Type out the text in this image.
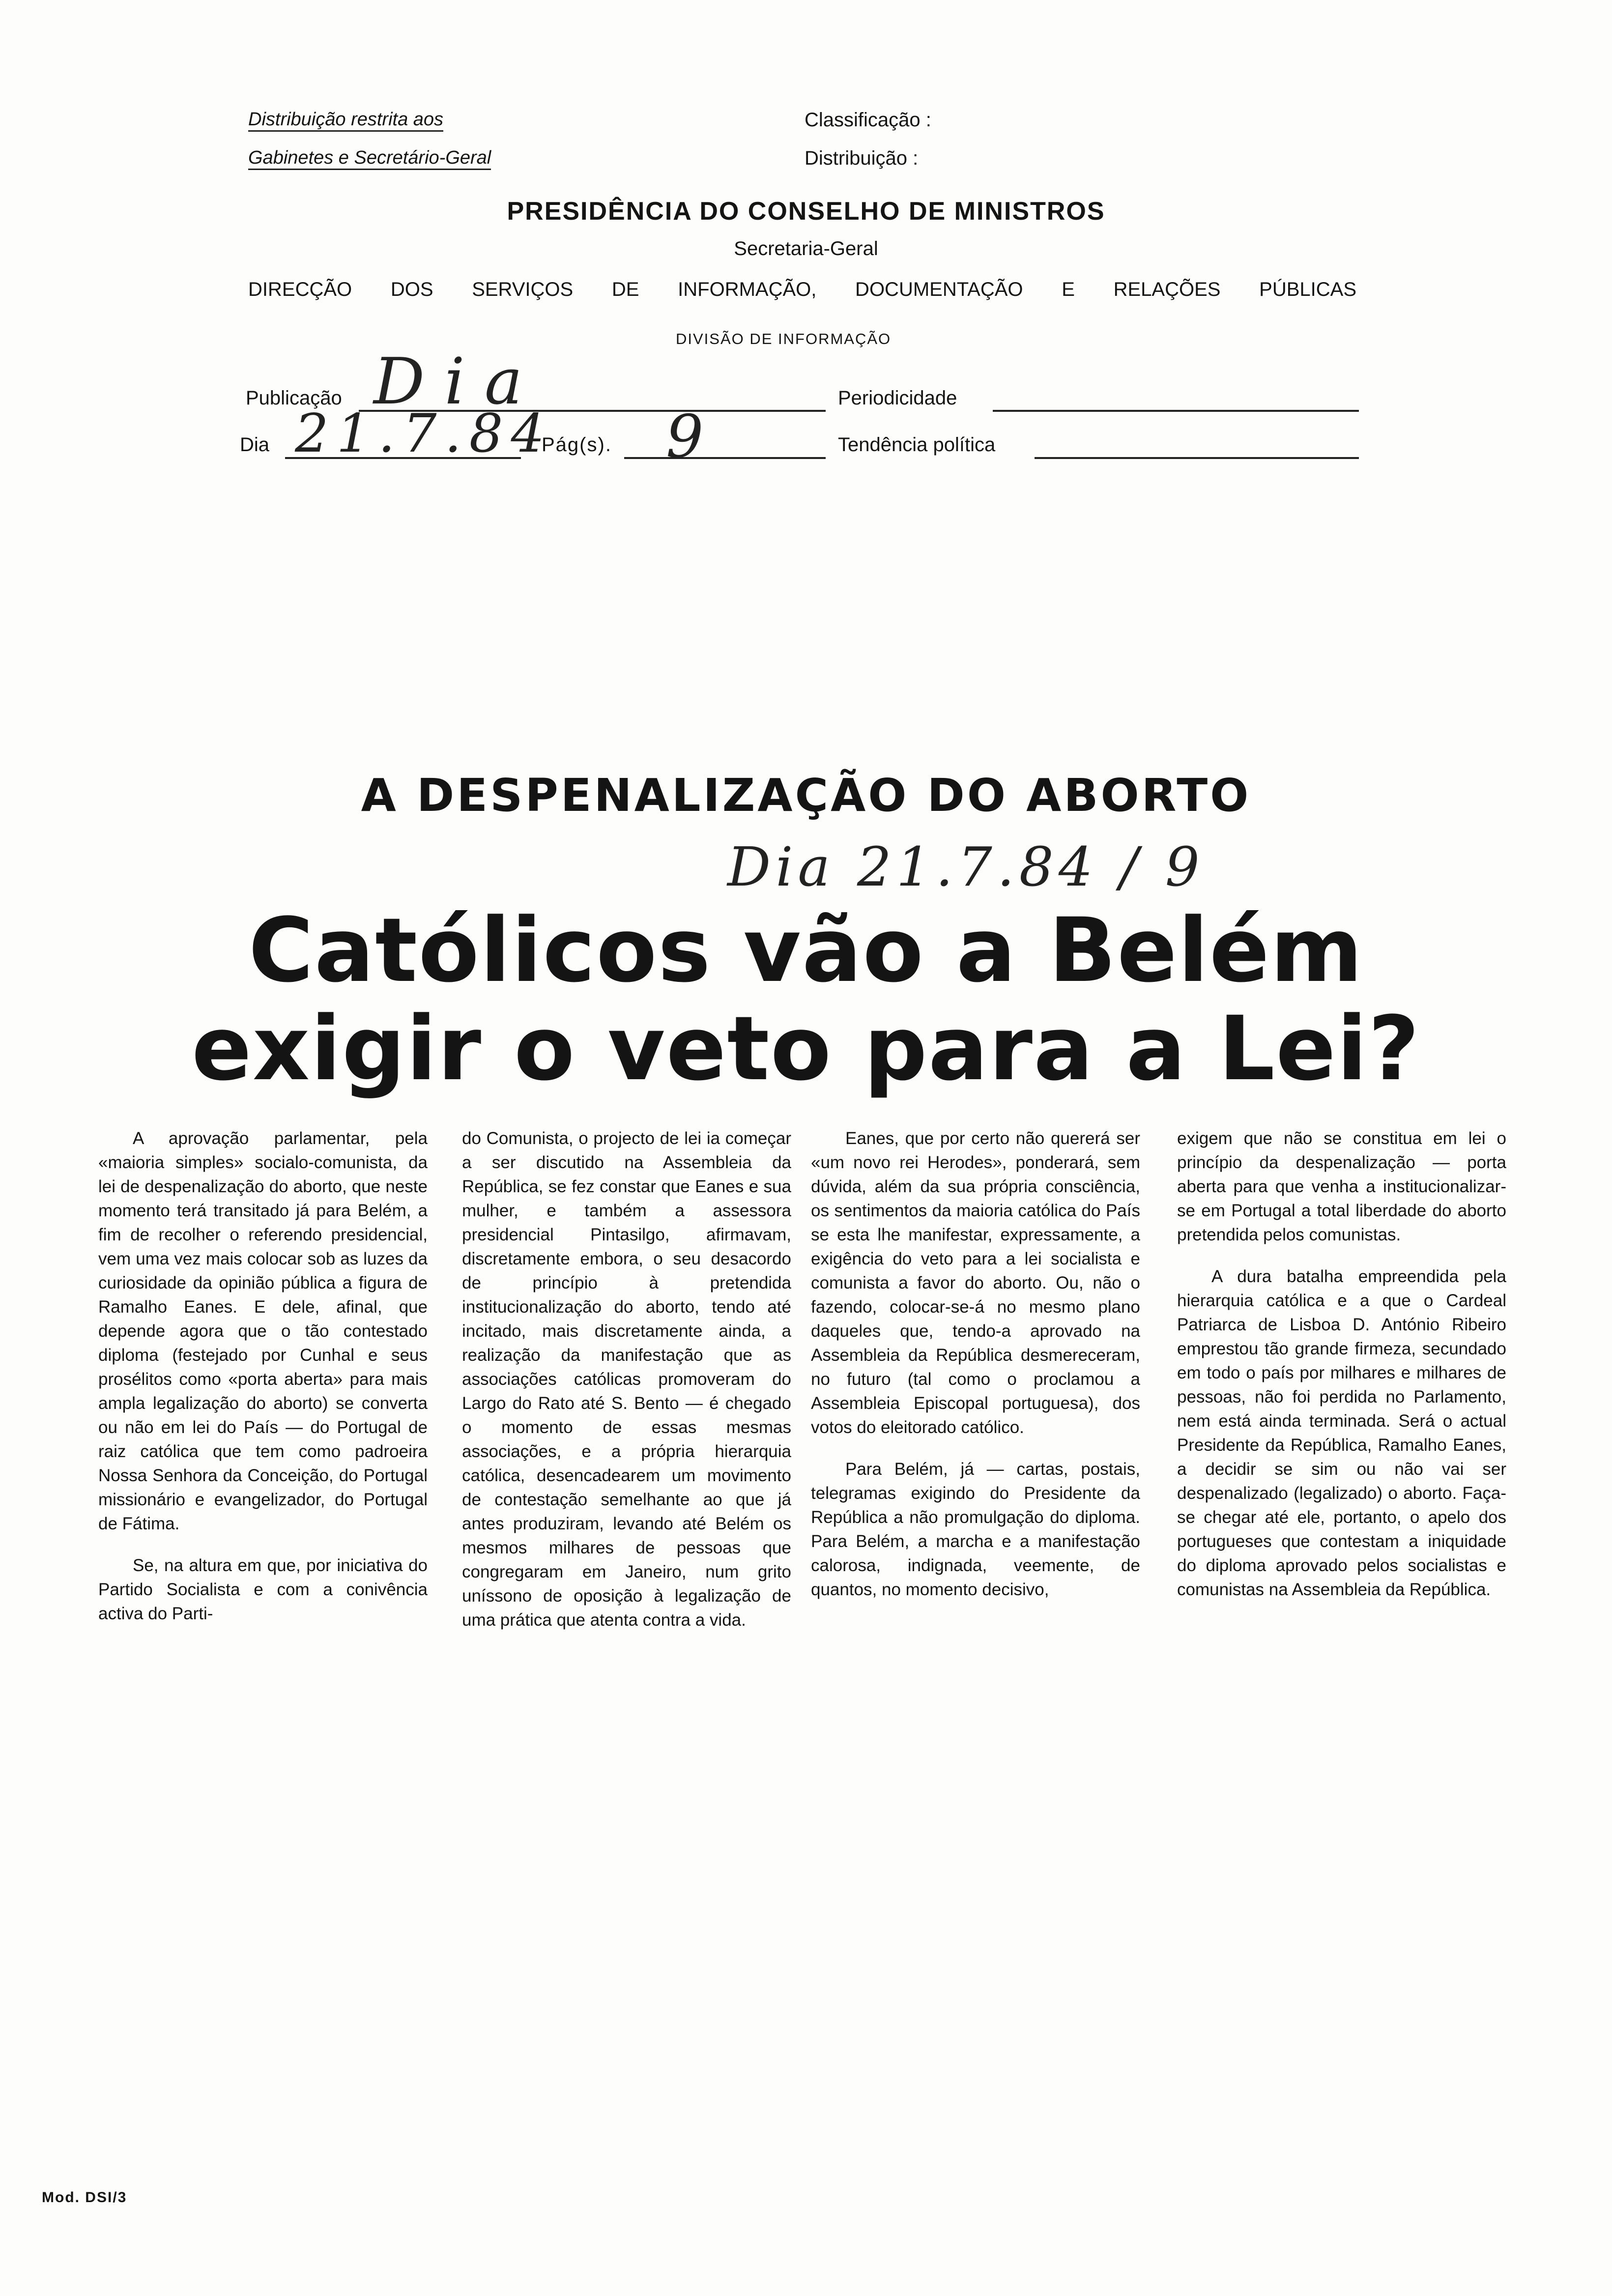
Distribuição restrita aos
Gabinetes e Secretário-Geral
Classificação :
Distribuição :
PRESIDÊNCIA DO CONSELHO DE MINISTROS
Secretaria-Geral
DIRECÇÃO DOS SERVIÇOS DE INFORMAÇÃO, DOCUMENTAÇÃO E RELAÇÕES PÚBLICAS
DIVISÃO DE INFORMAÇÃO
Publicação Dia	Periodicidade
Dia 21.7.84
Pág(s). 9	Tendência política
A DESPENALIZAÇÃO DO ABORTO
Dia 21.7.84 / 9
Católicos vão a Belém
exigir o veto para a Lei?

A aprovação parlamentar, pela «maioria simples» socialo-comunista, da lei de despenalização do aborto, que neste momento terá transitado já para Belém, a fim de recolher o referendo presidencial, vem uma vez mais colocar sob as luzes da curiosidade da opinião pública a figura de Ramalho Eanes. E dele, afinal, que depende agora que o tão contestado diploma (festejado por Cunhal e seus prosélitos como «porta aberta» para mais ampla legalização do aborto) se converta ou não em lei do País — do Portugal de raiz católica que tem como padroeira Nossa Senhora da Conceição, do Portugal missionário e evangelizador, do Portugal de Fátima.

Se, na altura em que, por iniciativa do Partido Socialista e com a conivência activa do Parti-

do Comunista, o projecto de lei ia começar a ser discutido na Assembleia da República, se fez constar que Eanes e sua mulher, e também a assessora presidencial Pintasilgo, afirmavam, discretamente embora, o seu desacordo de princípio à pretendida institucionalização do aborto, tendo até incitado, mais discretamente ainda, a realização da manifestação que as associações católicas promoveram do Largo do Rato até S. Bento — é chegado o momento de essas mesmas associações, e a própria hierarquia católica, desencadearem um movimento de contestação semelhante ao que já antes produziram, levando até Belém os mesmos milhares de pessoas que congregaram em Janeiro, num grito uníssono de oposição à legalização de uma prática que atenta contra a vida.

Eanes, que por certo não quererá ser «um novo rei Herodes», ponderará, sem dúvida, além da sua própria consciência, os sentimentos da maioria católica do País se esta lhe manifestar, expressamente, a exigência do veto para a lei socialista e comunista a favor do aborto. Ou, não o fazendo, colocar-se-á no mesmo plano daqueles que, tendo-a aprovado na Assembleia da República desmereceram, no futuro (tal como o proclamou a Assembleia Episcopal portuguesa), dos votos do eleitorado católico.

Para Belém, já — cartas, postais, telegramas exigindo do Presidente da República a não promulgação do diploma. Para Belém, a marcha e a manifestação calorosa, indignada, veemente, de quantos, no momento decisivo,

exigem que não se constitua em lei o princípio da despenalização — porta aberta para que venha a institucionalizar-se em Portugal a total liberdade do aborto pretendida pelos comunistas.

A dura batalha empreendida pela hierarquia católica e a que o Cardeal Patriarca de Lisboa D. António Ribeiro emprestou tão grande firmeza, secundado em todo o país por milhares e milhares de pessoas, não foi perdida no Parlamento, nem está ainda terminada. Será o actual Presidente da República, Ramalho Eanes, a decidir se sim ou não vai ser despenalizado (legalizado) o aborto. Faça-se chegar até ele, portanto, o apelo dos portugueses que contestam a iniquidade do diploma aprovado pelos socialistas e comunistas na Assembleia da República.

Mod. DSI/3
